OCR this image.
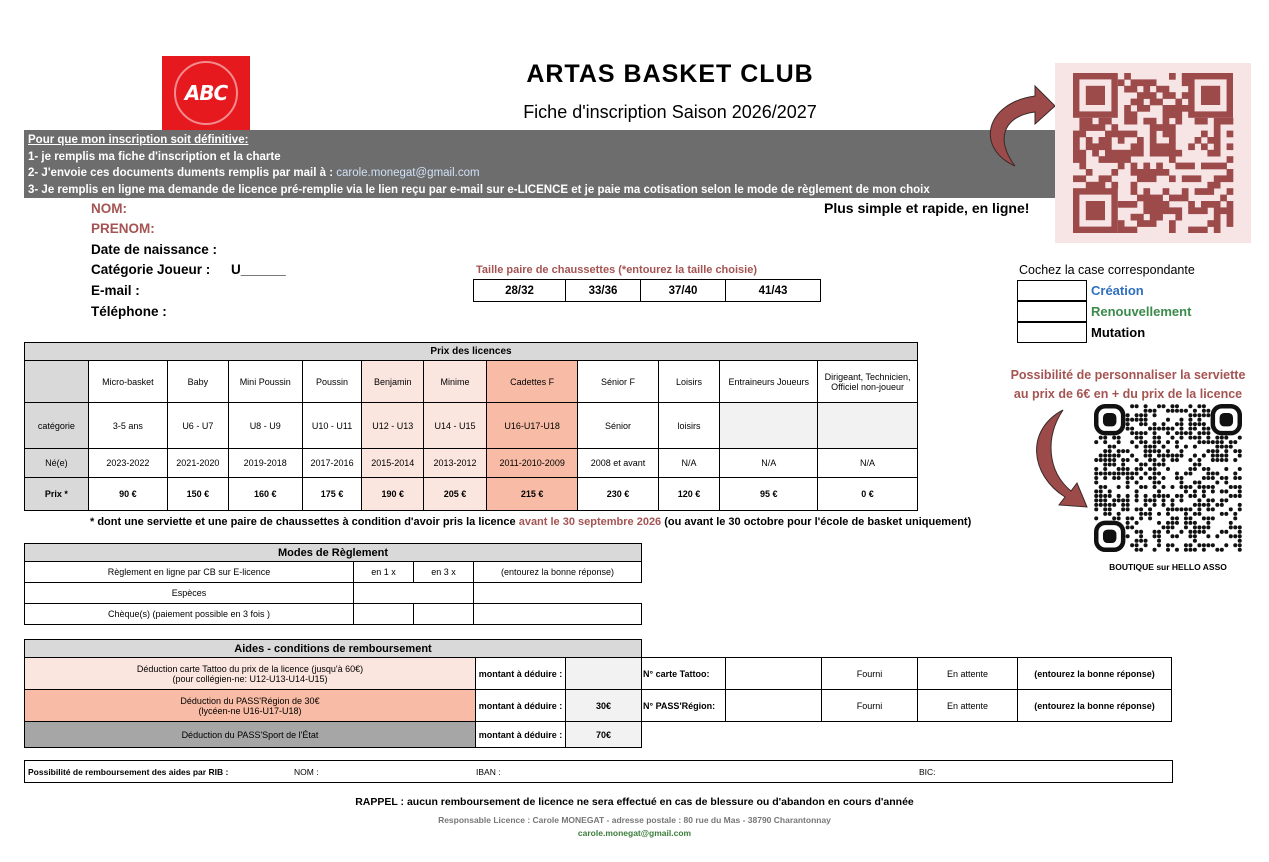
ABC
ARTAS BASKET CLUB
Fiche d'inscription Saison 2026/2027
Pour que mon inscription soit définitive:
1- je remplis ma fiche d'inscription et la charte
2- J'envoie ces documents duments remplis par mail à : carole.monegat@gmail.com
3- Je remplis en ligne ma demande de licence pré-remplie via le lien reçu par e-mail sur e-LICENCE et je paie ma cotisation selon le mode de règlement de mon choix
Plus simple et rapide, en ligne!
NOM:
PRENOM:
Date de naissance :
Catégorie Joueur : U______
E-mail :
Téléphone :
Taille paire de chaussettes (*entourez la taille choisie)
28/32	33/36	37/40	41/43
Cochez la case correspondante
Création
Renouvellement
Mutation
Possibilité de personnaliser la serviette
au prix de 6€ en + du prix de la licence
BOUTIQUE sur HELLO ASSO
Prix des licences											
	Micro-basket	Baby	Mini Poussin	Poussin	Benjamin	Minime	Cadettes F	Sénior F	Loisirs	Entraineurs Joueurs	Dirigeant, Technicien, Officiel non-joueur
catégorie	3-5 ans	U6 - U7	U8 - U9	U10 - U11	U12 - U13	U14 - U15	U16-U17-U18	Sénior	loisirs		
Né(e)	2023-2022	2021-2020	2019-2018	2017-2016	2015-2014	2013-2012	2011-2010-2009	2008 et avant	N/A	N/A	N/A
Prix *	90 €	150 €	160 €	175 €	190 €	205 €	215 €	230 €	120 €	95 €	0 €
* dont une serviette et une paire de chaussettes à condition d'avoir pris la licence avant le 30 septembre 2026 (ou avant le 30 octobre pour l'école de basket uniquement)
Modes de Règlement			
Règlement en ligne par CB sur E-licence	en 1 x	en 3 x	(entourez la bonne réponse)
Espèces			
Chèque(s) (paiement possible en 3 fois )			
Aides - conditions de remboursement							

Déduction carte Tattoo du prix de la licence (jusqu'à 60€)
(pour collégien-ne: U12-U13-U14-U15)	montant à déduire :		N° carte Tattoo:		Fourni	En attente	(entourez la bonne réponse)

Déduction du PASS'Région de 30€
(lycéen-ne U16-U17-U18)	montant à déduire :	30€	N° PASS'Région:		Fourni	En attente	(entourez la bonne réponse)
Déduction du PASS'Sport de l'État	montant à déduire :	70€					
Possibilité de remboursement des aides par RIB :	NOM :	IBAN :	BIC:
RAPPEL : aucun remboursement de licence ne sera effectué en cas de blessure ou d'abandon en cours d'année
Responsable Licence : Carole MONEGAT - adresse postale : 80 rue du Mas - 38790 Charantonnay
carole.monegat@gmail.com
